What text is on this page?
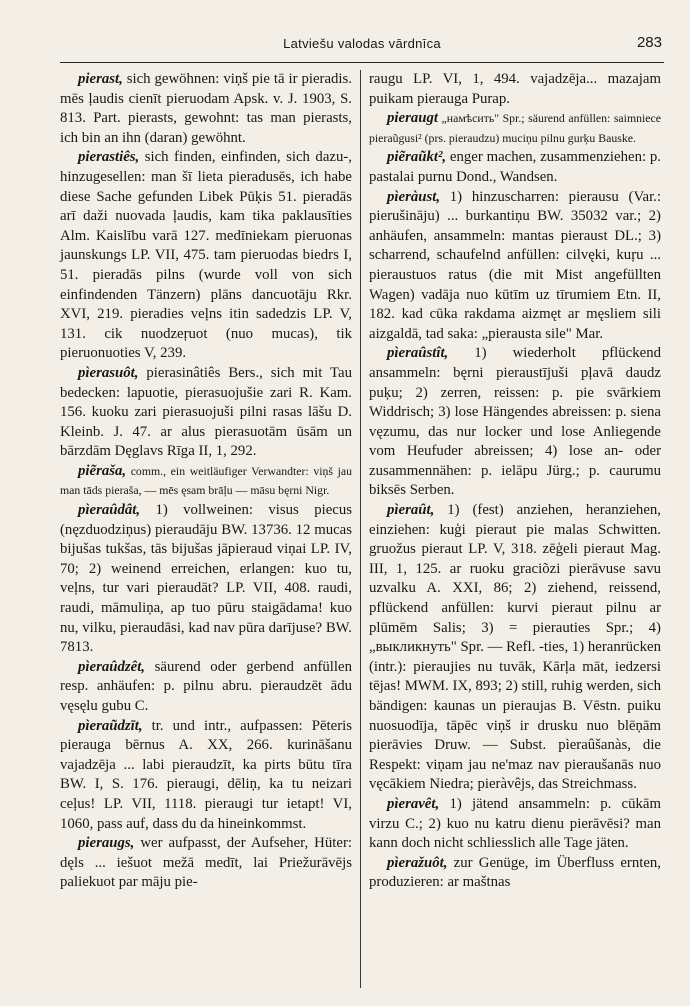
Latviešu valodas vārdnīca	283

pierast, sich gewöhnen: viņš pie tā ir pieradis. mēs ļaudis cienīt pieruodam Apsk. v. J. 1903, S. 813. Part. pierasts, gewohnt: tas man pierasts, ich bin an ihn (daran) gewöhnt.

pierastiês, sich finden, einfinden, sich dazu-, hinzugesellen: man šī lieta pieradusēs, ich habe diese Sache gefunden Libek Pūķis 51. pieradās arī daži nuovada ļaudis, kam tika paklausīties Alm. Kaislību varā 127. medīniekam pieruonas jaunskungs LP. VII, 475. tam pieruodas biedrs I, 51. pieradās pilns (wurde voll von sich einfindenden Tänzern) plāns dancuotāju Rkr. XVI, 219. pieradies veļns itin sadedzis LP. V, 131. cik nuodzeŗuot (nuo mucas), tik pieruonuoties V, 239.

pìerasuôt, pierasinâtiês Bers., sich mit Tau bedecken: lapuotie, pierasuojušie zari R. Kam. 156. kuoku zari pierasuojuši pilni rasas lāšu D. Kleinb. J. 47. ar alus pierasuotām ūsām un bārzdām Dęglavs Rīga II, 1, 292.

piẽraša, comm., ein weitläufiger Verwandter: viņš jau man tāds pieraša, — mēs ęsam brāļu — māsu bęrni Nigr.

pìeraûdât, 1) vollweinen: visus piecus (nęzduodziņus) pieraudāju BW. 13736. 12 mucas bijušas tukšas, tās bijušas jāpieraud viņai LP. IV, 70; 2) weinend erreichen, erlangen: kuo tu, veļns, tur vari pieraudāt? LP. VII, 408. raudi, raudi, māmuliņa, ap tuo pūru staigādama! kuo nu, vilku, pieraudāsi, kad nav pūra darījuse? BW. 7813.

pìeraûdzêt, säurend oder gerbend anfüllen resp. anhäufen: p. pilnu abru. pieraudzēt ādu vęsęlu gubu C.

pìeraũdzīt, tr. und intr., aufpassen: Pēteris pierauga bērnus A. XX, 266. kurināšanu vajadzēja ... labi pieraudzīt, ka pirts būtu tīra BW. I, S. 176. pieraugi, dēliņ, ka tu neizari ceļus! LP. VII, 1118. pieraugi tur ietapt! VI, 1060, pass auf, dass du da hineinkommst.

pieraugs, wer aufpasst, der Aufseher, Hüter: dęls ... iešuot mežā medīt, lai Priežurāvējs paliekuot par māju pie-

raugu LP. VI, 1, 494. vajadzēja... mazajam puikam pierauga Purap.

pieraugt „намѣсить" Spr.; säurend anfüllen: saimniece pieraũgusi² (prs. pieraudzu) muciņu pilnu gurķu Bauske.

piẽraũkt², enger machen, zusammenziehen: p. pastalai purnu Dond., Wandsen.

pìeràust, 1) hinzuscharren: pierausu (Var.: pierušināju) ... burkantiņu BW. 35032 var.; 2) anhäufen, ansammeln: mantas pieraust DL.; 3) scharrend, schaufelnd anfüllen: cilvęki, kuŗu ... pieraustuos ratus (die mit Mist angefüllten Wagen) vadāja nuo kūtīm uz tīrumiem Etn. II, 182. kad cūka rakdama aizmęt ar męsliem sili aizgaldā, tad saka: „pierausta sile" Mar.

pìeraûstît, 1) wiederholt pflückend ansammeln: bęrni pieraustījuši pļavā daudz puķu; 2) zerren, reissen: p. pie svārkiem Widdrisch; 3) lose Hängendes abreissen: p. siena vęzumu, das nur locker und lose Anliegende vom Heufuder abreissen; 4) lose an- oder zusammennähen: p. ielāpu Jürg.; p. caurumu biksēs Serben.

pìeraût, 1) (fest) anziehen, heranziehen, einziehen: kuģi pieraut pie malas Schwitten. gruožus pieraut LP. V, 318. zēģeli pieraut Mag. III, 1, 125. ar ruoku graciõzi pierāvuse savu uzvalku A. XXI, 86; 2) ziehend, reissend, pflückend anfüllen: kurvi pieraut pilnu ar plūmēm Salis; 3) = pierauties Spr.; 4) „выкликнуть" Spr. — Refl. -ties, 1) heranrücken (intr.): pieraujies nu tuvāk, Kārļa māt, iedzersi tējas! MWM. IX, 893; 2) still, ruhig werden, sich bändigen: kaunas un pieraujas B. Vēstn. puiku nuosuodīja, tāpēc viņš ir drusku nuo blēņām pierāvies Druw. — Subst. pìeraûšanàs, die Respekt: viņam jau ne'maz nav pieraušanās nuo vęcākiem Niedra; pieràvêjs, das Streichmass.

pìeravêt, 1) jätend ansammeln: p. cūkām virzu C.; 2) kuo nu katru dienu pierāvēsi? man kann doch nicht schliesslich alle Tage jäten.

pìeražuôt, zur Genüge, im Überfluss ernten, produzieren: ar maštnas
